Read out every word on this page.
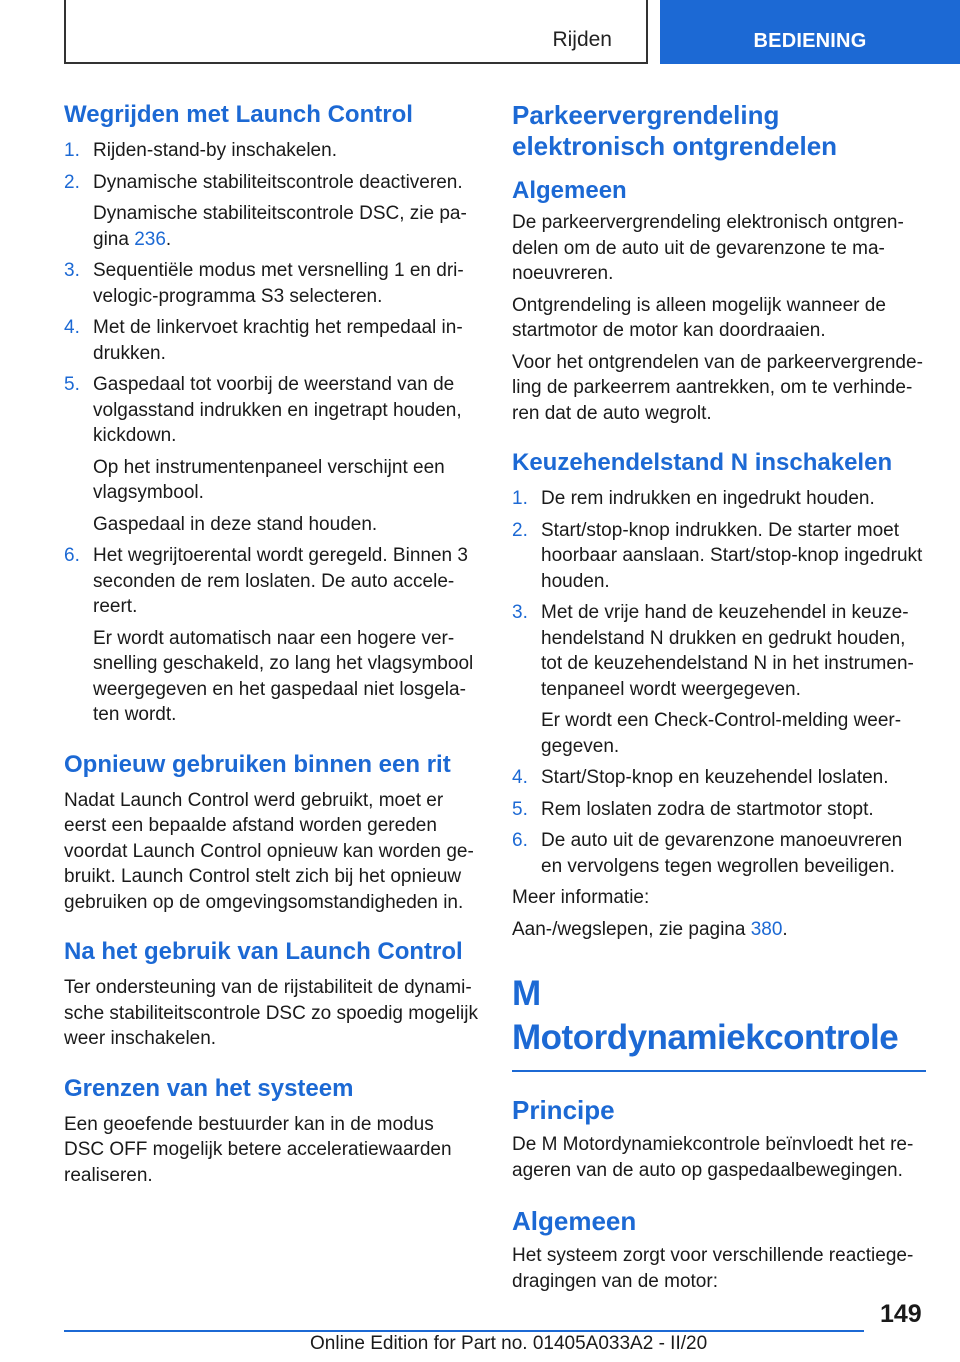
Rijden	BEDIENING
Wegrijden met Launch Control
1. Rijden-stand-by inschakelen.
2. Dynamische stabiliteitscontrole deactiveren.
Dynamische stabiliteitscontrole DSC, zie pagina 236.
3. Sequentiële modus met versnelling 1 en drivelogic-programma S3 selecteren.
4. Met de linkervoet krachtig het rempedaal indrukken.
5. Gaspedaal tot voorbij de weerstand van de volgasstand indrukken en ingetrapt houden, kickdown.
Op het instrumentenpaneel verschijnt een vlagsymbool.
Gaspedaal in deze stand houden.
6. Het wegrijtoerental wordt geregeld. Binnen 3 seconden de rem loslaten. De auto accelereert.
Er wordt automatisch naar een hogere versnelling geschakeld, zo lang het vlagsymbool weergegeven en het gaspedaal niet losgelaten wordt.
Opnieuw gebruiken binnen een rit

Nadat Launch Control werd gebruikt, moet er eerst een bepaalde afstand worden gereden voordat Launch Control opnieuw kan worden gebruikt. Launch Control stelt zich bij het opnieuw gebruiken op de omgevingsomstandigheden in.

Na het gebruik van Launch Control

Ter ondersteuning van de rijstabiliteit de dynamische stabiliteitscontrole DSC zo spoedig mogelijk weer inschakelen.

Grenzen van het systeem

Een geoefende bestuurder kan in de modus DSC OFF mogelijk betere acceleratiewaarden realiseren.

Parkeervergrendeling elektronisch ontgrendelen
Algemeen

De parkeervergrendeling elektronisch ontgrendelen om de auto uit de gevarenzone te manoeuvreren.

Ontgrendeling is alleen mogelijk wanneer de startmotor de motor kan doordraaien.

Voor het ontgrendelen van de parkeervergrendeling de parkeerrem aantrekken, om te verhinderen dat de auto wegrolt.

Keuzehendelstand N inschakelen
1. De rem indrukken en ingedrukt houden.
2. Start/stop-knop indrukken. De starter moet hoorbaar aanslaan. Start/stop-knop ingedrukt houden.
3. Met de vrije hand de keuzehendel in keuzehendelstand N drukken en gedrukt houden, tot de keuzehendelstand N in het instrumentenpaneel wordt weergegeven.
Er wordt een Check-Control-melding weergegeven.
4. Start/Stop-knop en keuzehendel loslaten.
5. Rem loslaten zodra de startmotor stopt.
6. De auto uit de gevarenzone manoeuvreren en vervolgens tegen wegrollen beveiligen.

Meer informatie:

Aan-/wegslepen, zie pagina 380.

M Motordynamiekcontrole
Principe

De M Motordynamiekcontrole beïnvloedt het reageren van de auto op gaspedaalbewegingen.

Algemeen

Het systeem zorgt voor verschillende reactiegedragingen van de motor:

149
Online Edition for Part no. 01405A033A2 - II/20
